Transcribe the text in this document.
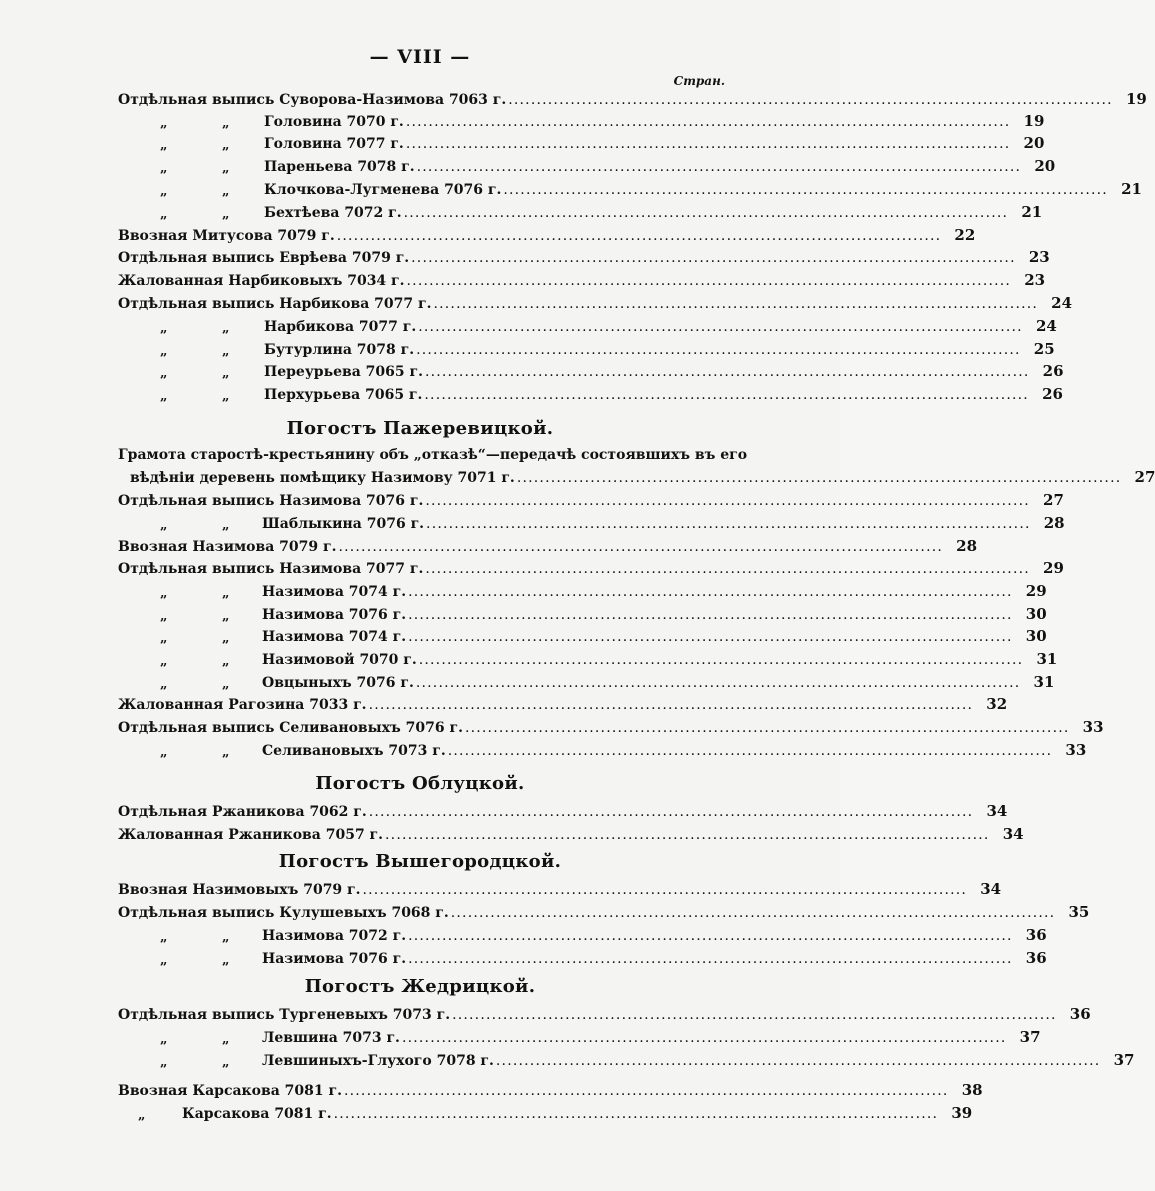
— VIII —
Стран.
Отдѣльная выпись Суворова-Назимова 7063 г. ........................................................................................................... 19
„	„ Головина 7070 г. ........................................................................................................... 19
„	„ Головина 7077 г. ........................................................................................................... 20
„	„ Пареньева 7078 г. ........................................................................................................... 20
„	„ Клочкова-Лугменева 7076 г. ........................................................................................................... 21
„	„ Бехтѣева 7072 г. ........................................................................................................... 21
Ввозная Митусова 7079 г. ........................................................................................................... 22
Отдѣльная выпись Еврѣева 7079 г. ........................................................................................................... 23
Жалованная Нарбиковыхъ 7034 г. ........................................................................................................... 23
Отдѣльная выпись Нарбикова 7077 г. ........................................................................................................... 24
„	„ Нарбикова 7077 г. ........................................................................................................... 24
„	„ Бутурлина 7078 г. ........................................................................................................... 25
„	„ Переурьева 7065 г. ........................................................................................................... 26
„	„ Перхурьева 7065 г. ........................................................................................................... 26
Погостъ Пажеревицкой.
Грамота старостѣ-крестьянину объ „отказѣ“—передачѣ состоявшихъ въ его
вѣдѣнiи деревень помѣщику Назимову 7071 г. ........................................................................................................... 27
Отдѣльная выпись Назимова 7076 г. ........................................................................................................... 27
„	„ Шаблыкина 7076 г. ........................................................................................................... 28
Ввозная Назимова 7079 г. ........................................................................................................... 28
Отдѣльная выпись Назимова 7077 г. ........................................................................................................... 29
„	„ Назимова 7074 г. ........................................................................................................... 29
„	„ Назимова 7076 г. ........................................................................................................... 30
„	„ Назимова 7074 г. ........................................................................................................... 30
„	„ Назимовой 7070 г. ........................................................................................................... 31
„	„ Овцыныхъ 7076 г. ........................................................................................................... 31
Жалованная Рагозина 7033 г. ........................................................................................................... 32
Отдѣльная выпись Селивановыхъ 7076 г. ........................................................................................................... 33
„	„ Селивановыхъ 7073 г. ........................................................................................................... 33
Погостъ Облуцкой.
Отдѣльная Ржаникова 7062 г. ........................................................................................................... 34
Жалованная Ржаникова 7057 г. ........................................................................................................... 34
Погостъ Вышегородцкой.
Ввозная Назимовыхъ 7079 г. ........................................................................................................... 34
Отдѣльная выпись Кулушевыхъ 7068 г. ........................................................................................................... 35
„	„ Назимова 7072 г. ........................................................................................................... 36
„	„ Назимова 7076 г. ........................................................................................................... 36
Погостъ Жедрицкой.
Отдѣльная выпись Тургеневыхъ 7073 г. ........................................................................................................... 36
„	„ Левшина 7073 г. ........................................................................................................... 37
„	„ Левшиныхъ-Глухого 7078 г. ........................................................................................................... 37
Ввозная Карсакова 7081 г. ........................................................................................................... 38
„	Карсакова 7081 г. ........................................................................................................... 39
